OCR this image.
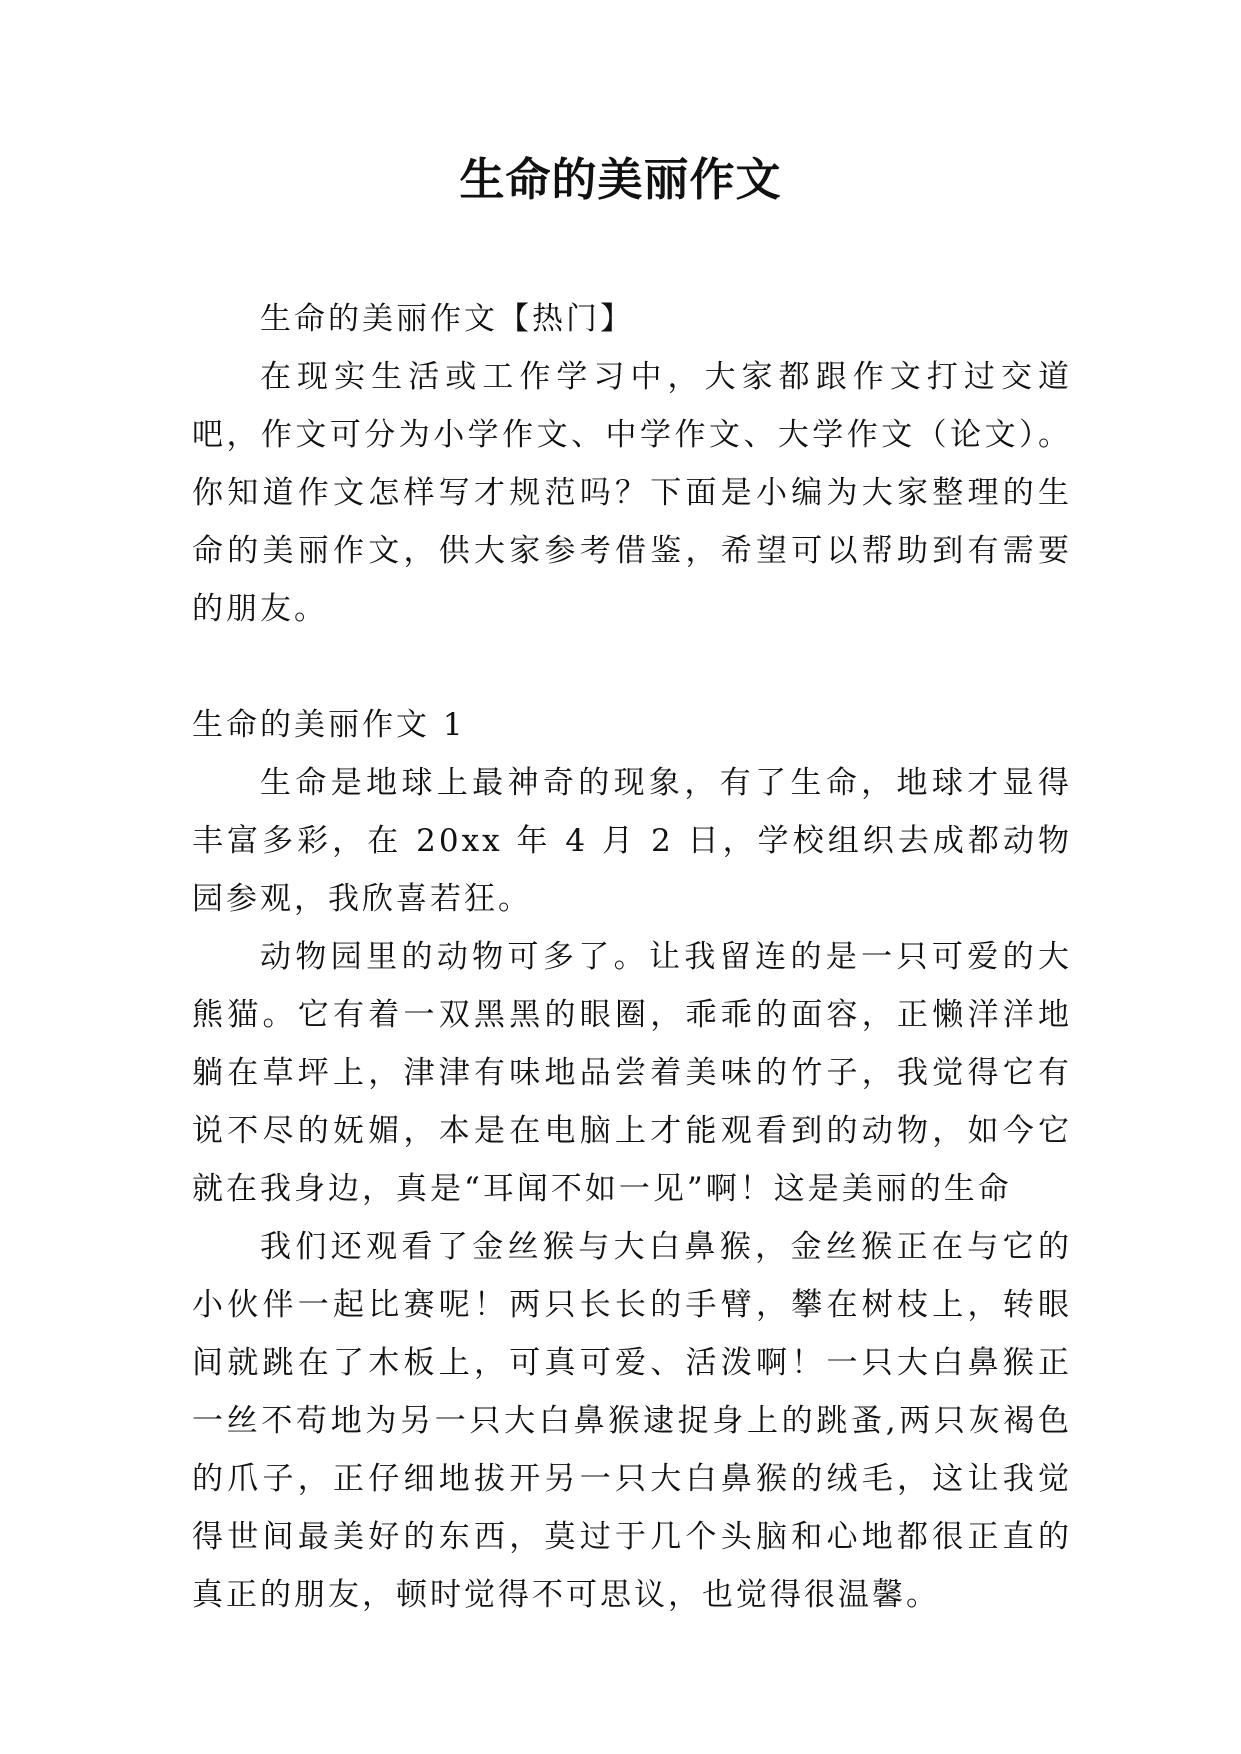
生命的美丽作文

生命的美丽作文【热门】

在现实生活或工作学习中，大家都跟作文打过交道吧，作文可分为小学作文、中学作文、大学作文（论文）。你知道作文怎样写才规范吗？下面是小编为大家整理的生命的美丽作文，供大家参考借鉴，希望可以帮助到有需要的朋友。

生命的美丽作文 1

生命是地球上最神奇的现象，有了生命，地球才显得丰富多彩，在 20xx 年 4 月 2 日，学校组织去成都动物园参观，我欣喜若狂。

动物园里的动物可多了。让我留连的是一只可爱的大熊猫。它有着一双黑黑的眼圈，乖乖的面容，正懒洋洋地躺在草坪上，津津有味地品尝着美味的竹子，我觉得它有说不尽的妩媚，本是在电脑上才能观看到的动物，如今它就在我身边，真是“耳闻不如一见”啊！这是美丽的生命

我们还观看了金丝猴与大白鼻猴，金丝猴正在与它的小伙伴一起比赛呢！两只长长的手臂，攀在树枝上，转眼间就跳在了木板上，可真可爱、活泼啊！一只大白鼻猴正一丝不苟地为另一只大白鼻猴逮捉身上的跳蚤,两只灰褐色的爪子，正仔细地拔开另一只大白鼻猴的绒毛，这让我觉得世间最美好的东西，莫过于几个头脑和心地都很正直的真正的朋友，顿时觉得不可思议，也觉得很温馨。
